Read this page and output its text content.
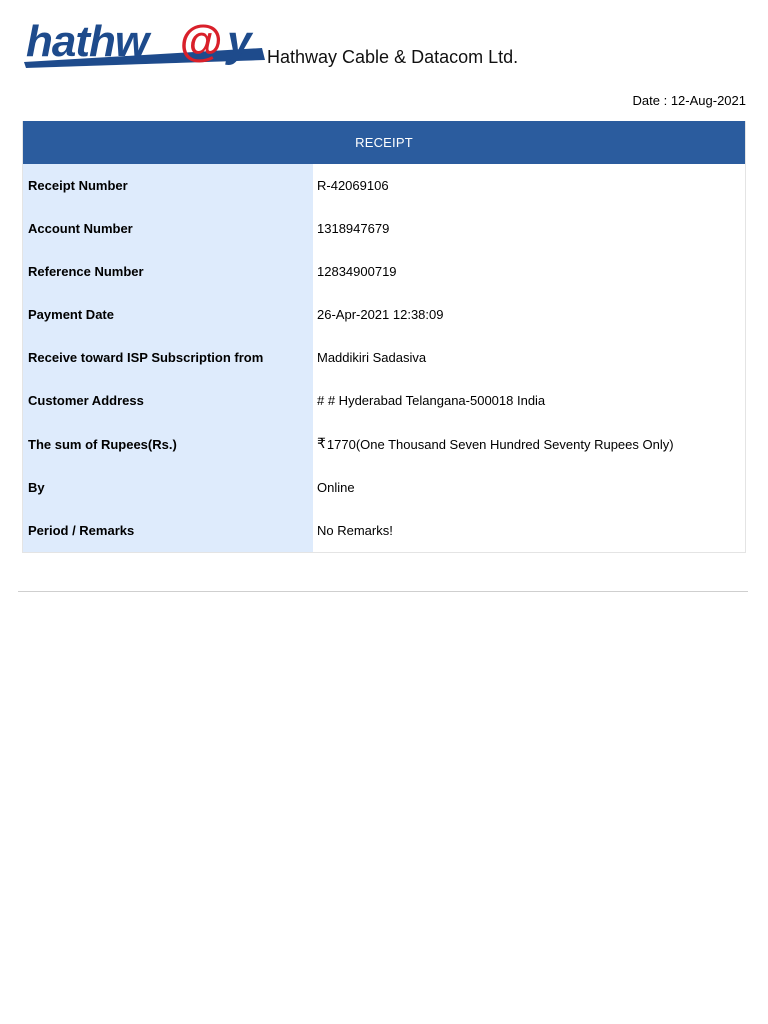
hathw @ y Hathway Cable & Datacom Ltd.
Date : 12-Aug-2021
RECEIPT
Receipt Number	R-42069106
Account Number	1318947679
Reference Number	12834900719
Payment Date	26-Apr-2021 12:38:09
Receive toward ISP Subscription from	Maddikiri Sadasiva
Customer Address	# # Hyderabad Telangana-500018 India
The sum of Rupees(Rs.)	₹ 1770(One Thousand Seven Hundred Seventy Rupees Only)
By	Online
Period / Remarks	No Remarks!
